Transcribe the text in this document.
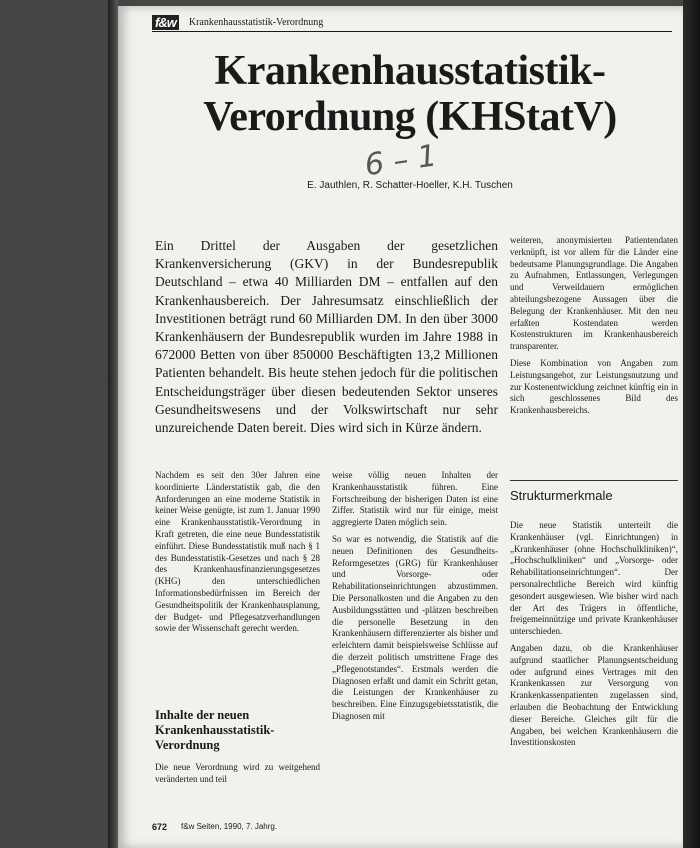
f&w	Krankenhausstatistik-Verordnung
Krankenhausstatistik-
Verordnung (KHStatV)
6 – 1
E. Jauthlen, R. Schatter-Hoeller, K.H. Tuschen
Ein Drittel der Ausgaben der gesetzlichen Krankenversicherung (GKV) in der Bundesrepublik Deutschland – etwa 40 Milliarden DM – entfallen auf den Krankenhausbereich. Der Jahresumsatz einschließlich der Investitionen beträgt rund 60 Milliarden DM. In den über 3000 Krankenhäusern der Bundesrepublik wurden im Jahre 1988 in 672000 Betten von über 850000 Beschäftigten 13,2 Millionen Patienten behandelt. Bis heute stehen jedoch für die politischen Entscheidungsträger über diesen bedeutenden Sektor unseres Gesundheitswesens und der Volkswirtschaft nur sehr unzureichende Daten bereit. Dies wird sich in Kürze ändern.

Nachdem es seit den 30er Jahren eine koordinierte Länderstatistik gab, die den Anforderungen an eine moderne Statistik in keiner Weise genügte, ist zum 1. Januar 1990 eine Krankenhausstatistik-Verordnung in Kraft getreten, die eine neue Bundesstatistik einführt. Diese Bundesstatistik muß nach § 1 des Bundesstatistik-Gesetzes und nach § 28 des Krankenhausfinanzierungsgesetzes (KHG) den unterschiedlichen Informationsbedürfnissen im Bereich der Gesundheitspolitik der Krankenhausplanung, der Budget- und Pflegesatzverhandlungen sowie der Wissenschaft gerecht werden.

Inhalte der neuen Krankenhausstatistik-Verordnung

Die neue Verordnung wird zu weitgehend veränderten und teil

weise völlig neuen Inhalten der Krankenhausstatistik führen. Eine Fortschreibung der bisherigen Daten ist eine Ziffer. Statistik wird nur für einige, meist aggregierte Daten möglich sein.

So war es notwendig, die Statistik auf die neuen Definitionen des Gesundheits-Reformgesetzes (GRG) für Krankenhäuser und Vorsorge- oder Rehabilitationseinrichtungen abzustimmen. Die Personalkosten und die Angaben zu den Ausbildungsstätten und -plätzen beschreiben die personelle Besetzung in den Krankenhäusern differenzierter als bisher und erleichtern damit beispielsweise Schlüsse auf die derzeit politisch umstrittene Frage des „Pflegenotstandes“. Erstmals werden die Diagnosen erfaßt und damit ein Schritt getan, die Leistungen der Krankenhäuser zu beschreiben. Eine Einzugsgebietsstatistik, die Diagnosen mit

weiteren, anonymisierten Patientendaten verknüpft, ist vor allem für die Länder eine bedeutsame Planungsgrundlage. Die Angaben zu Aufnahmen, Entlassungen, Verlegungen und Verweildauern ermöglichen abteilungsbezogene Aussagen über die Belegung der Krankenhäuser. Mit den neu erfaßten Kostendaten werden Kostenstrukturen im Krankenhausbereich transparenter.

Diese Kombination von Angaben zum Leistungsangebot, zur Leistungsnutzung und zur Kostenentwicklung zeichnet künftig ein in sich geschlossenes Bild des Krankenhausbereichs.

Strukturmerkmale

Die neue Statistik unterteilt die Krankenhäuser (vgl. Einrichtungen) in „Krankenhäuser (ohne Hochschulkliniken)“, „Hochschulkliniken“ und „Vorsorge- oder Rehabilitationseinrichtungen“. Der personalrechtliche Bereich wird künftig gesondert ausgewiesen. Wie bisher wird nach der Art des Trägers in öffentliche, freigemeinnützige und private Krankenhäuser unterschieden.

Angaben dazu, ob die Krankenhäuser aufgrund staatlicher Planungsentscheidung oder aufgrund eines Vertrages mit den Krankenkassen zur Versorgung von Krankenkassenpatienten zugelassen sind, erlauben die Beobachtung der Entwicklung dieser Bereiche. Gleiches gilt für die Angaben, bei welchen Krankenhäusern die Investitionskosten

672 f&w Seiten, 1990, 7. Jahrg.
